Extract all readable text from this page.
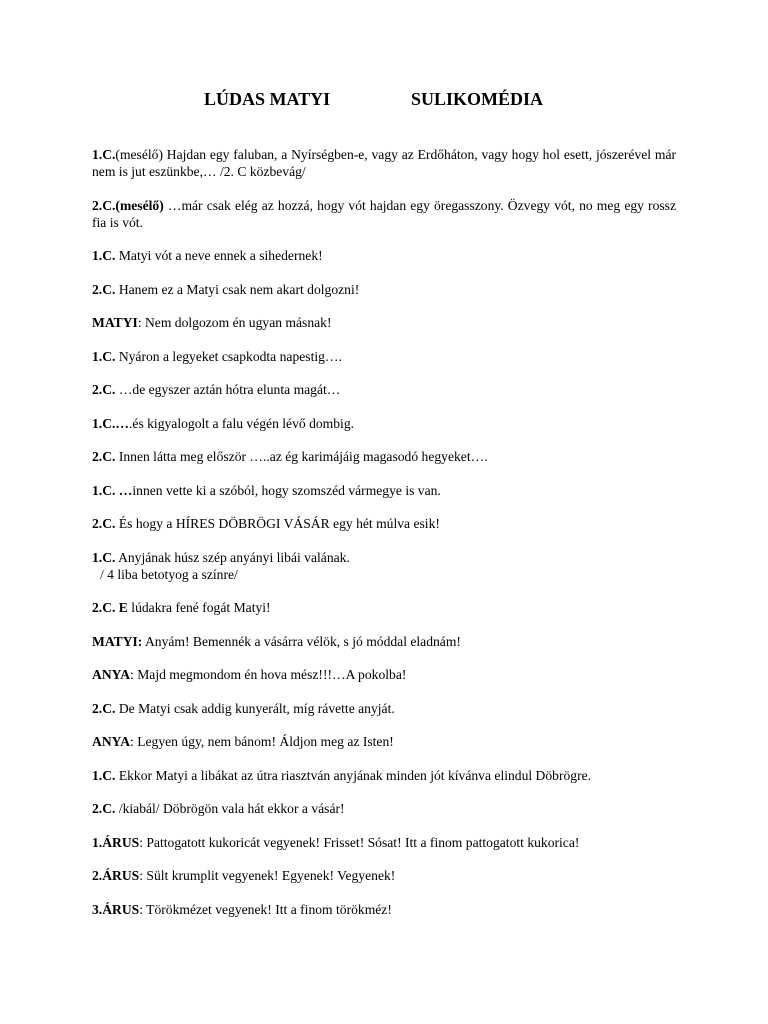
LÚDAS MATYI	SULIKOMÉDIA

1.C.(mesélő) Hajdan egy faluban, a Nyírségben-e, vagy az Erdőháton, vagy hogy hol esett, jószerével már nem is jut eszünkbe,… /2. C közbevág/

2.C.(mesélő) …már csak elég az hozzá, hogy vót hajdan egy öregasszony. Özvegy vót, no meg egy rossz fia is vót.

1.C. Matyi vót a neve ennek a sihedernek!

2.C. Hanem ez a Matyi csak nem akart dolgozni!

MATYI: Nem dolgozom én ugyan másnak!

1.C. Nyáron a legyeket csapkodta napestig….

2.C. …de egyszer aztán hótra elunta magát…

1.C.….és kigyalogolt a falu végén lévő dombig.

2.C. Innen látta meg először …..az ég karimájáig magasodó hegyeket….

1.C. …innen vette ki a szóból, hogy szomszéd vármegye is van.

2.C. És hogy a HÍRES DÖBRÖGI VÁSÁR egy hét múlva esik!

1.C. Anyjának húsz szép anyányi libái valának.
/ 4 liba betotyog a színre/

2.C. E lúdakra fené fogát Matyi!

MATYI: Anyám! Bemennék a vásárra vélök, s jó móddal eladnám!

ANYA: Majd megmondom én hova mész!!!…A pokolba!

2.C. De Matyi csak addig kunyerált, míg rávette anyját.

ANYA: Legyen úgy, nem bánom! Áldjon meg az Isten!

1.C. Ekkor Matyi a libákat az útra riasztván anyjának minden jót kívánva elindul Döbrögre.

2.C. /kiabál/ Döbrögön vala hát ekkor a vásár!

1.ÁRUS: Pattogatott kukoricát vegyenek! Frisset! Sósat! Itt a finom pattogatott kukorica!

2.ÁRUS: Sült krumplit vegyenek! Egyenek! Vegyenek!

3.ÁRUS: Törökmézet vegyenek! Itt a finom törökméz!
